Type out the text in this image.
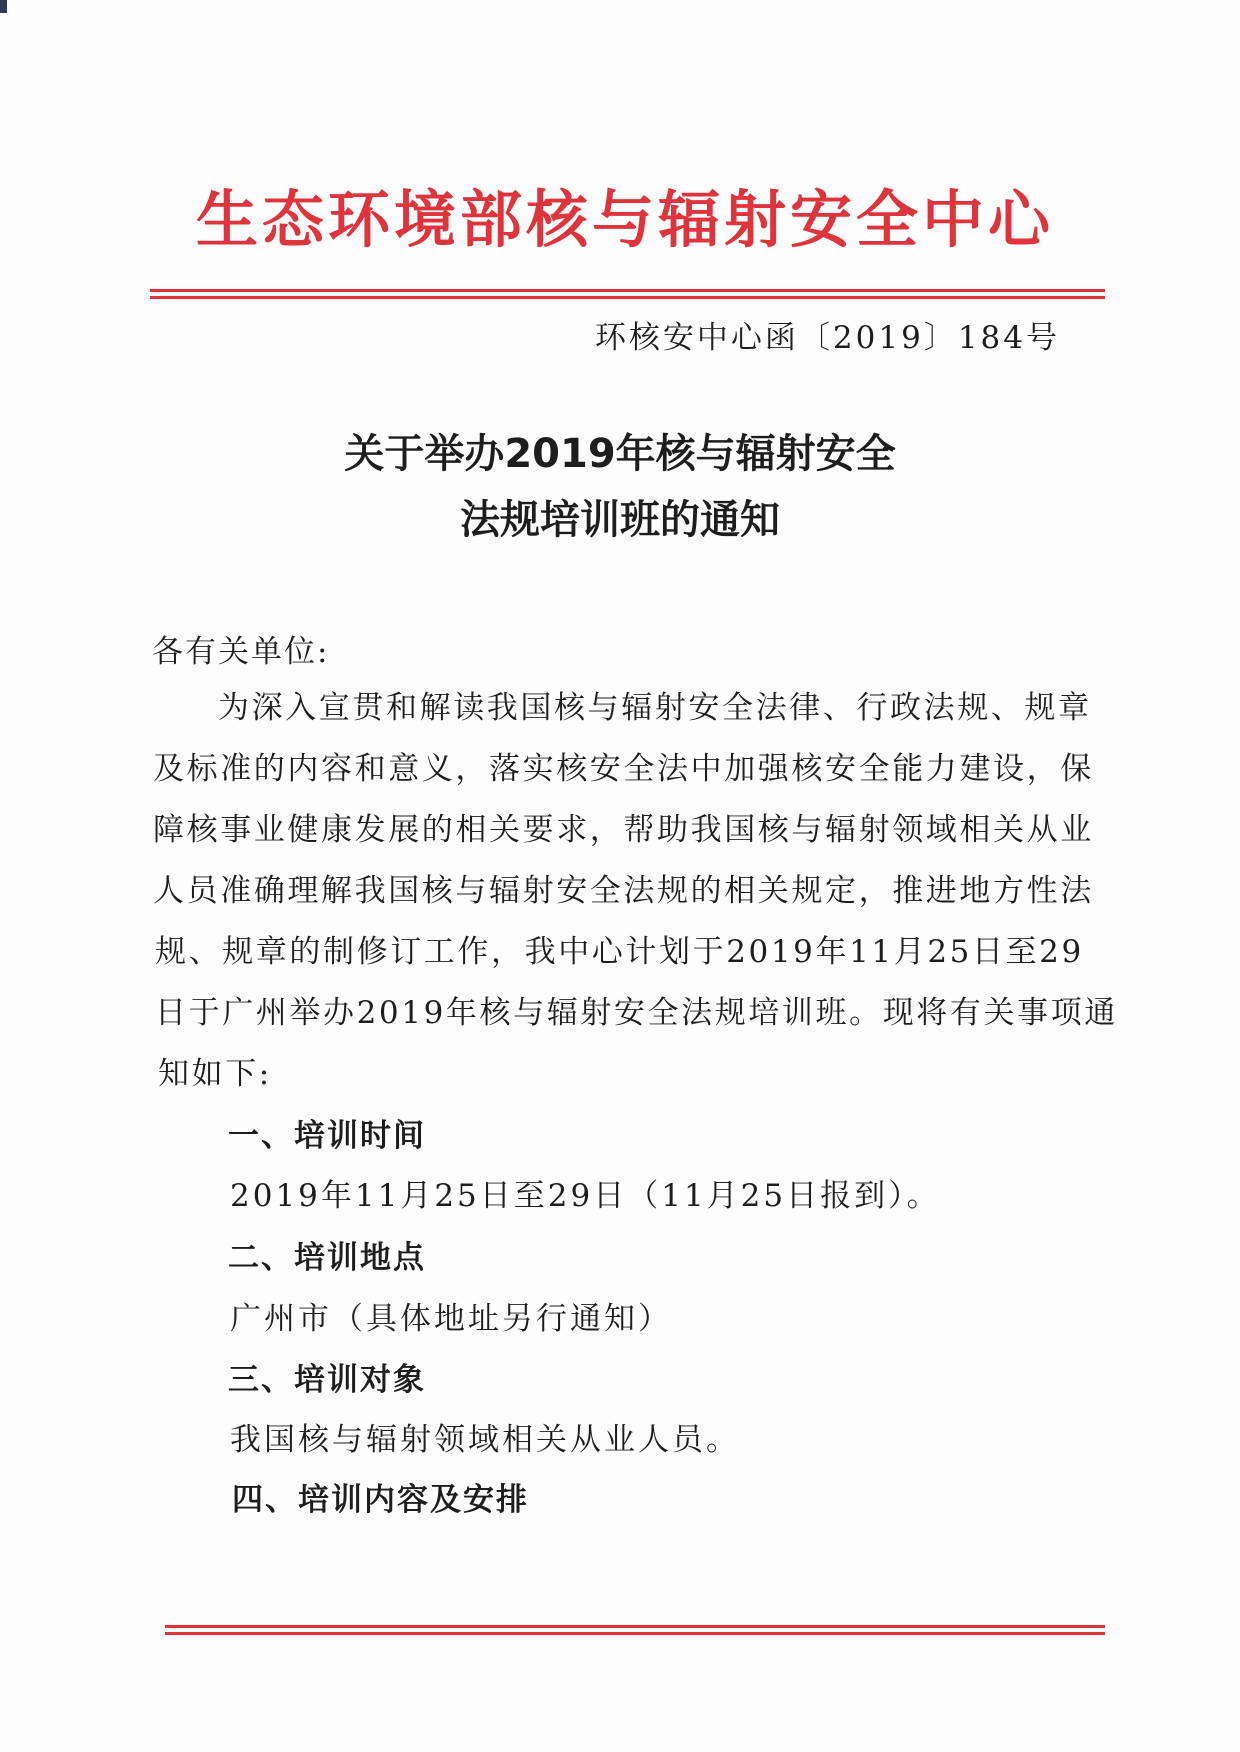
生态环境部核与辐射安全中心
环核安中心函〔2019〕184号
关于举办2019年核与辐射安全
法规培训班的通知
各有关单位:
为深入宣贯和解读我国核与辐射安全法律、行政法规、规章
及标准的内容和意义，落实核安全法中加强核安全能力建设，保
障核事业健康发展的相关要求，帮助我国核与辐射领域相关从业
人员准确理解我国核与辐射安全法规的相关规定，推进地方性法
规、规章的制修订工作，我中心计划于2019年11月25日至29
日于广州举办2019年核与辐射安全法规培训班。现将有关事项通
知如下:
一、培训时间
2019年11月25日至29日（11月25日报到）。
二、培训地点
广州市（具体地址另行通知）
三、培训对象
我国核与辐射领域相关从业人员。
四、培训内容及安排
